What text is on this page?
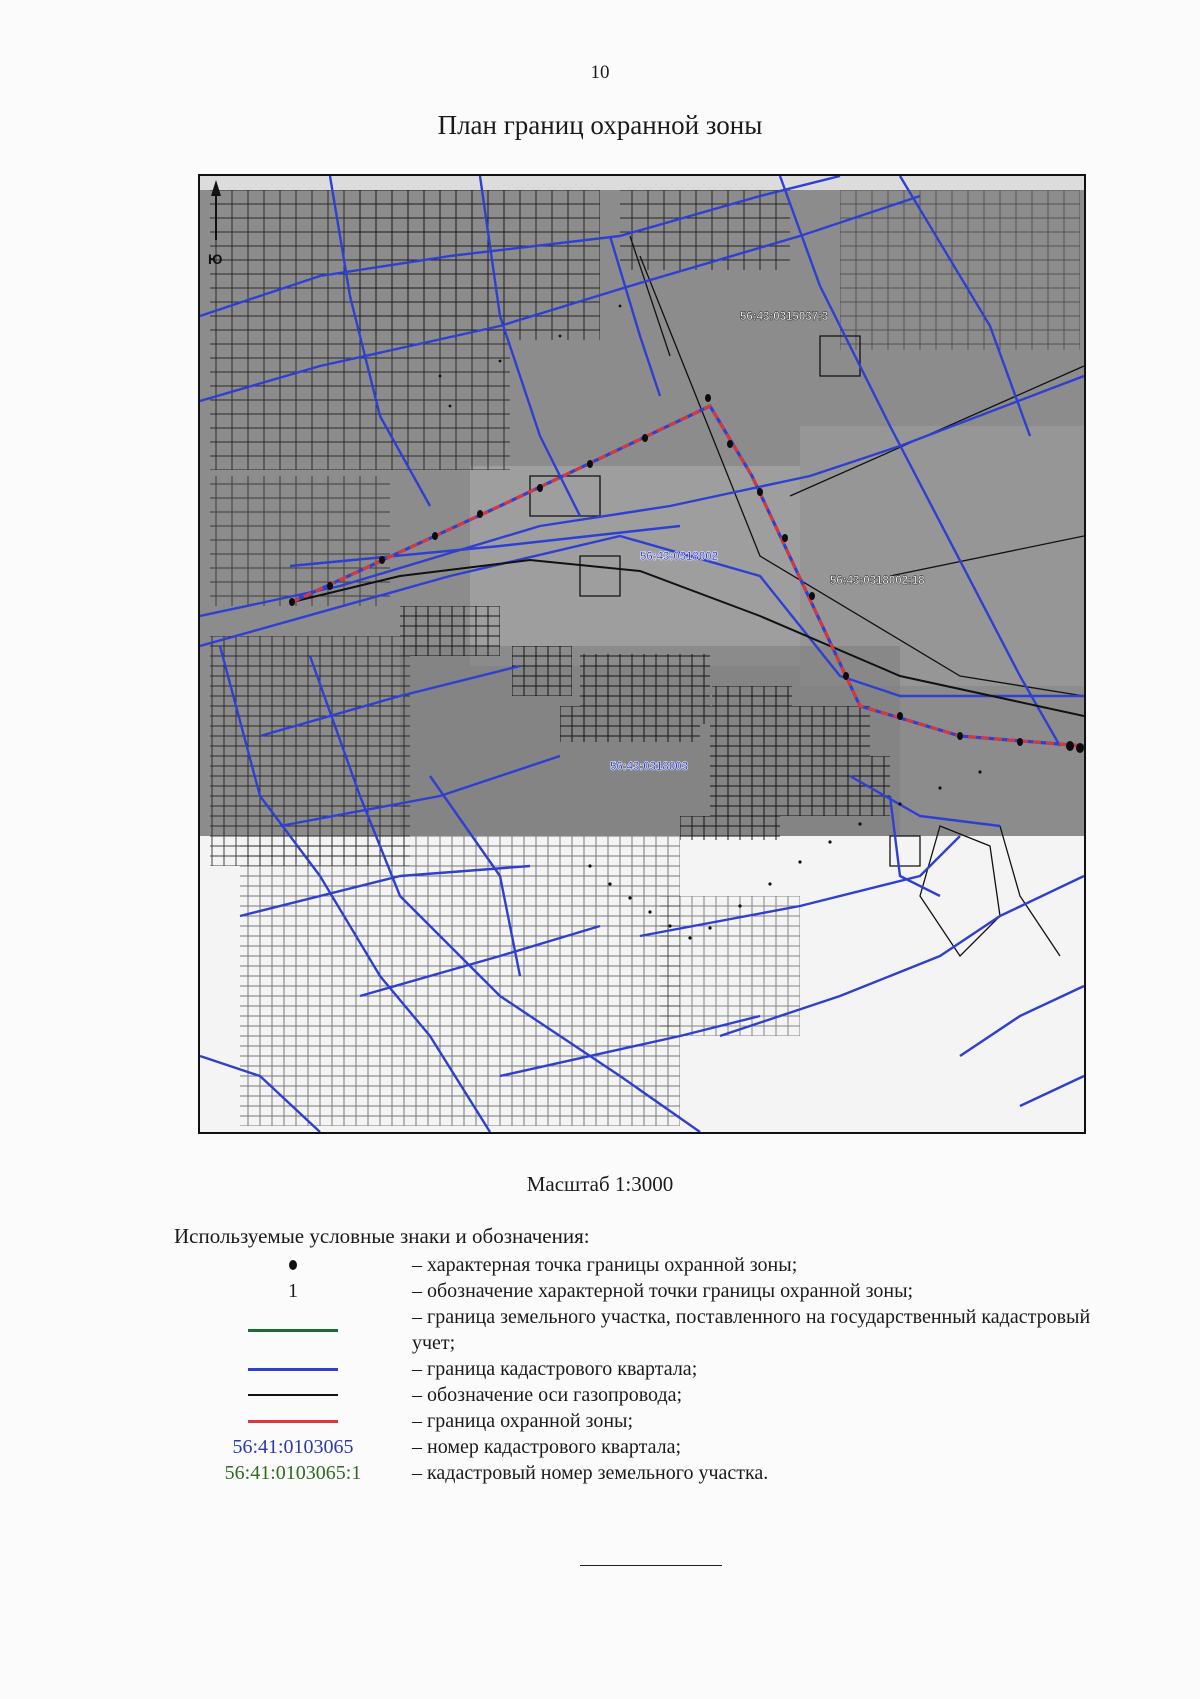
10
План границ охранной зоны
Ю
56:43:0315037:3
56:43:0318002
56:43:0318002:18
56:43:0318003
Масштаб 1:3000
Используемые условные знаки и обозначения:
– характерная точка границы охранной зоны;
1	– обозначение характерной точки границы охранной зоны;
– граница земельного участка, поставленного на государственный кадастровый учет;
– граница кадастрового квартала;
– обозначение оси газопровода;
– граница охранной зоны;
56:41:0103065	– номер кадастрового квартала;
56:41:0103065:1	– кадастровый номер земельного участка.
